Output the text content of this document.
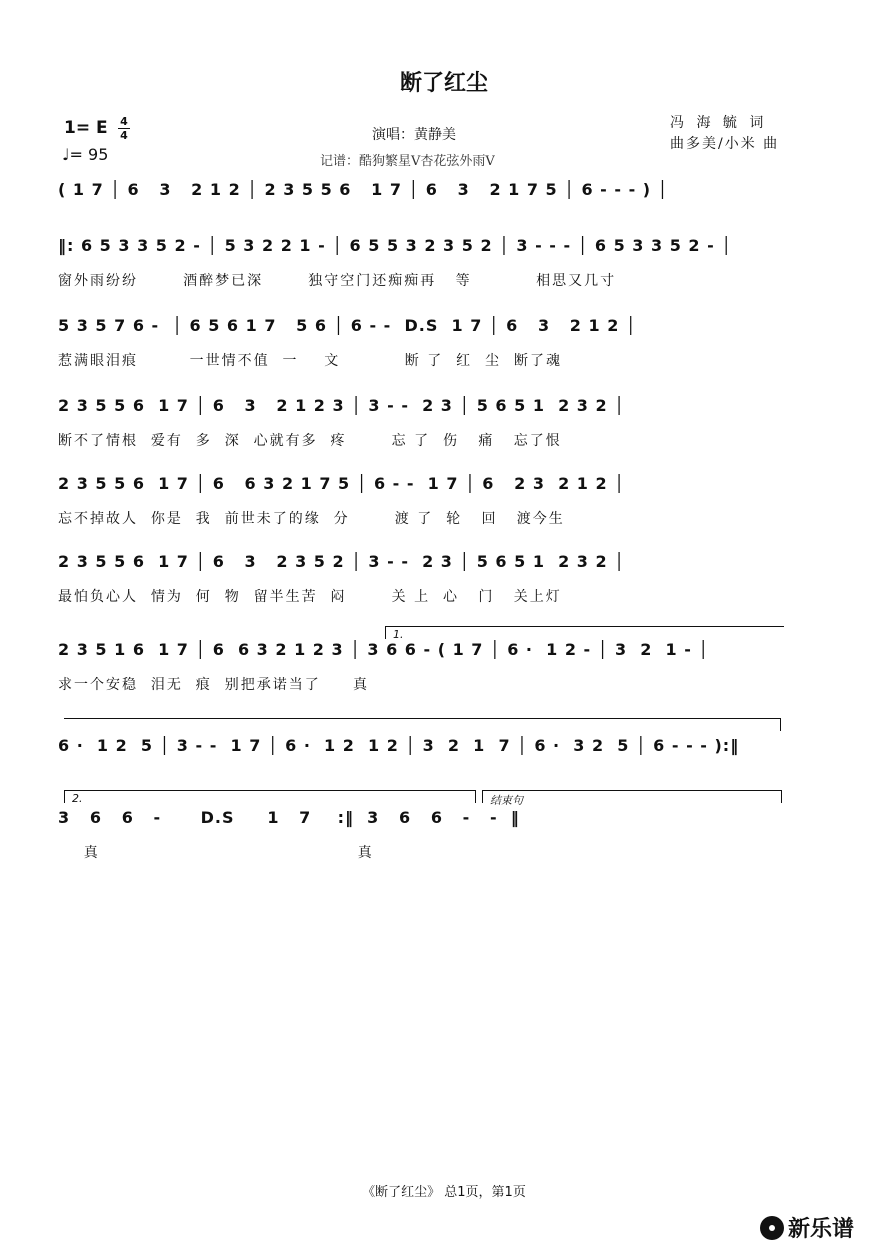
断了红尘
1= E 4
4
♩= 95
演唱：黄静美
记谱：酷狗繁星V杏花弦外雨V
冯 海 毓 词
曲多美/小米 曲
( 1 7 │ 6   3   2 1 2 │ 2 3 5 5 6   1 7 │ 6   3   2 1 7 5 │ 6 - - - ) │
‖: 6 5 3 3 5 2 - │ 5 3 2 2 1 - │ 6 5 5 3 2 3 5 2 │ 3 - - - │ 6 5 3 3 5 2 - │
窗外雨纷纷       酒醉梦已深       独守空门还痴痴再   等          相思又几寸
5 3 5 7 6 -  │ 6 5 6 1 7   5 6 │ 6 - -  D.S  1 7 │ 6   3   2 1 2 │
惹满眼泪痕        一世情不值  一    文          断 了  红  尘  断了魂
2 3 5 5 6  1 7 │ 6   3   2 1 2 3 │ 3 - -  2 3 │ 5 6 5 1  2 3 2 │
断不了情根  爱有  多  深  心就有多  疼       忘 了  伤   痛   忘了恨
2 3 5 5 6  1 7 │ 6   6 3 2 1 7 5 │ 6 - -  1 7 │ 6   2 3  2 1 2 │
忘不掉故人  你是  我  前世未了的缘  分       渡 了  轮   回   渡今生
2 3 5 5 6  1 7 │ 6   3   2 3 5 2 │ 3 - -  2 3 │ 5 6 5 1  2 3 2 │
最怕负心人  情为  何  物  留半生苦  闷       关 上  心   门   关上灯
1.
2 3 5 1 6  1 7 │ 6  6 3 2 1 2 3 │ 3 6 6 - ( 1 7 │ 6 ·  1 2 - │ 3  2  1 - │
求一个安稳  泪无  痕  别把承诺当了     真
6 ·  1 2  5 │ 3 - -  1 7 │ 6 ·  1 2  1 2 │ 3  2  1  7 │ 6 ·  3 2  5 │ 6 - - - ):‖
2.	结束句
3   6   6   -      D.S     1   7    :‖  3   6   6   -   -  ‖
真                                        真
《断了红尘》 总1页，第1页
新乐谱
